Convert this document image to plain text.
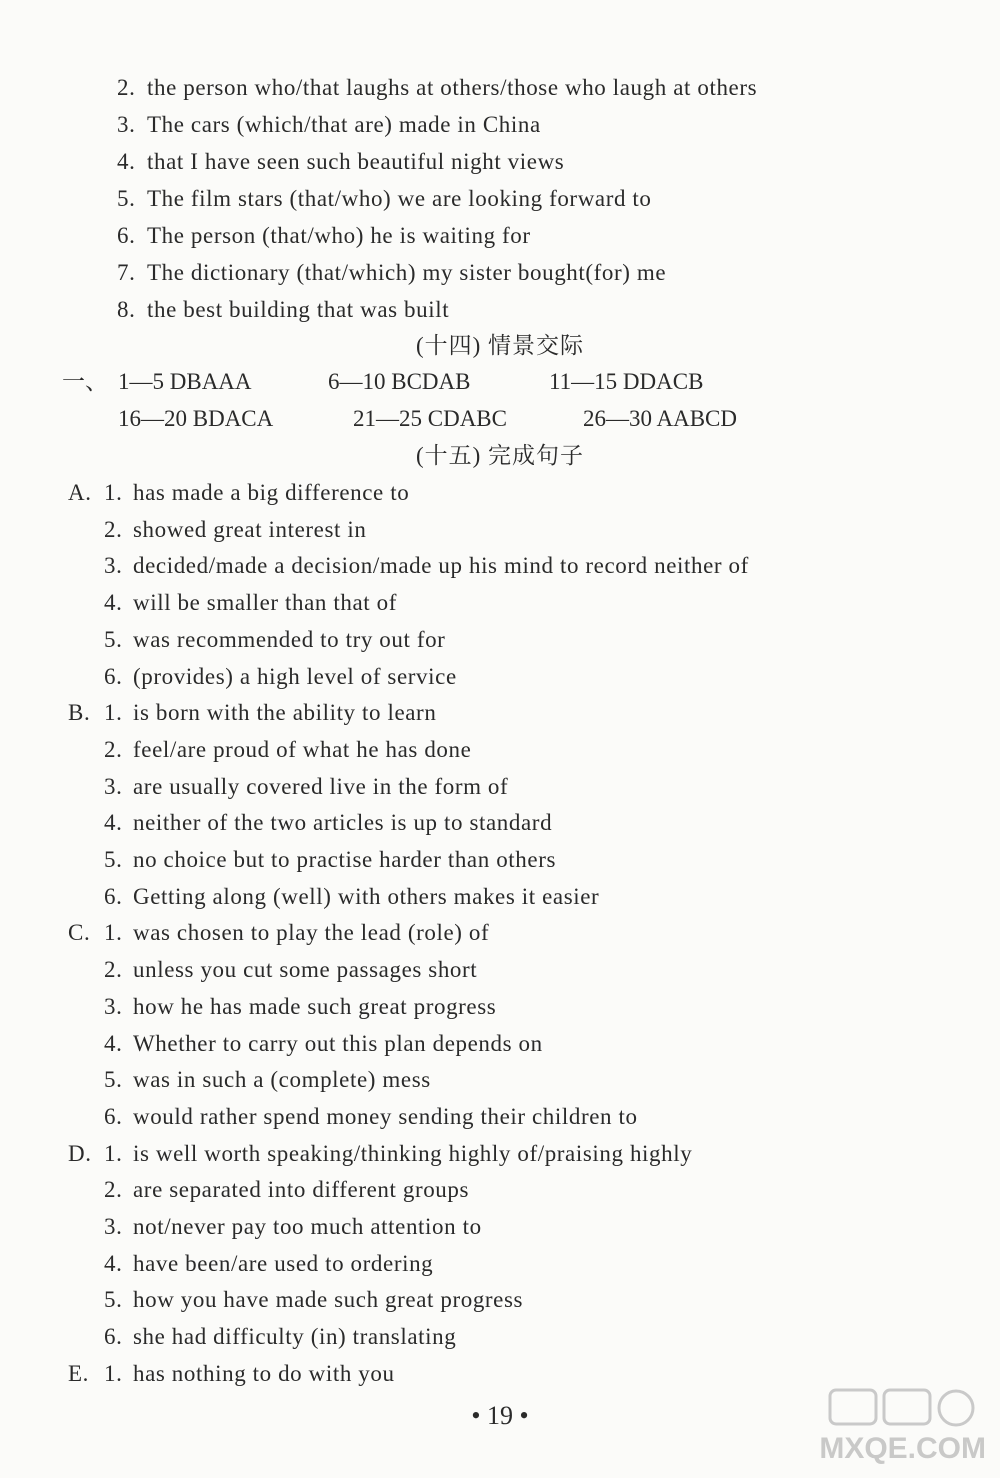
2. the person who/that laughs at others/those who laugh at others
3. The cars (which/that are) made in China
4. that I have seen such beautiful night views
5. The film stars (that/who) we are looking forward to
6. The person (that/who) he is waiting for
7. The dictionary (that/which) my sister bought(for) me
8. the best building that was built
(十四) 情景交际
一、 1—5 DBAAA	6—10 BCDAB	11—15 DDACB
16—20 BDACA	21—25 CDABC	26—30 AABCD
(十五) 完成句子
A. 1. has made a big difference to
2. showed great interest in
3. decided/made a decision/made up his mind to record neither of
4. will be smaller than that of
5. was recommended to try out for
6. (provides) a high level of service
B. 1. is born with the ability to learn
2. feel/are proud of what he has done
3. are usually covered live in the form of
4. neither of the two articles is up to standard
5. no choice but to practise harder than others
6. Getting along (well) with others makes it easier
C. 1. was chosen to play the lead (role) of
2. unless you cut some passages short
3. how he has made such great progress
4. Whether to carry out this plan depends on
5. was in such a (complete) mess
6. would rather spend money sending their children to
D. 1. is well worth speaking/thinking highly of/praising highly
2. are separated into different groups
3. not/never pay too much attention to
4. have been/are used to ordering
5. how you have made such great progress
6. she had difficulty (in) translating
E. 1. has nothing to do with you
• 19 •
MXQE.COM
